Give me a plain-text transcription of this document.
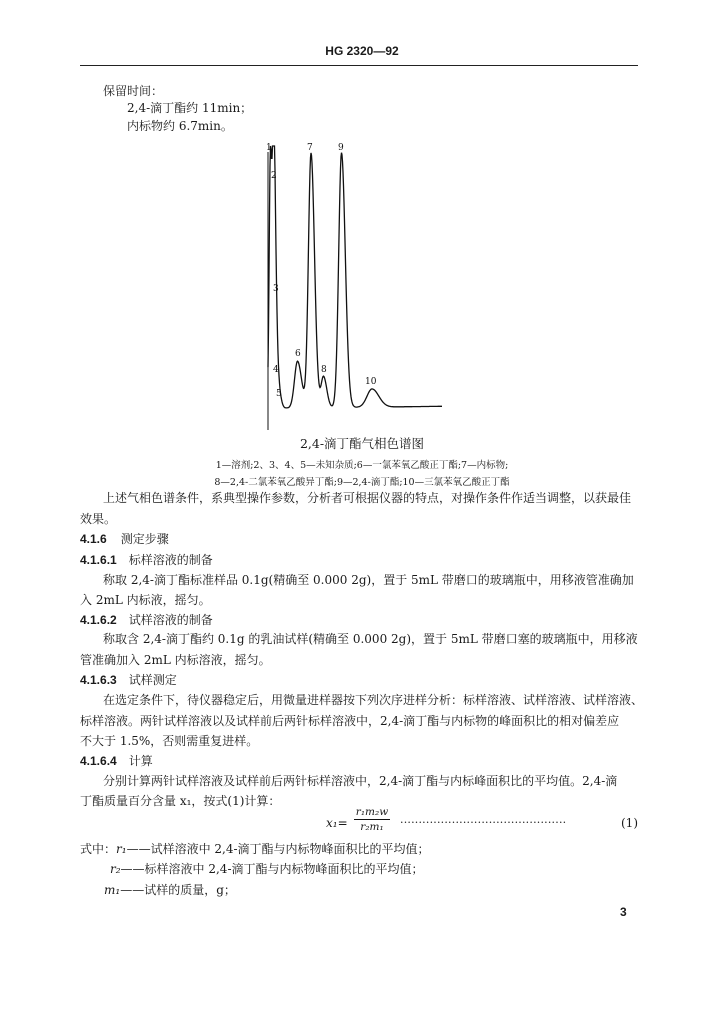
HG 2320—92
保留时间：
2,4-滴丁酯约 11min；
内标物约 6.7min。
1
2
3
4
5
6
7
8
9
10
2,4-滴丁酯气相色谱图
1—溶剂;2、3、4、5—未知杂质;6—一氯苯氧乙酸正丁酯;7—内标物;
8—2,4-二氯苯氧乙酸异丁酯;9—2,4-滴丁酯;10—三氯苯氧乙酸正丁酯
上述气相色谱条件，系典型操作参数，分析者可根据仪器的特点，对操作条件作适当调整，以获最佳
效果。
4.1.6 测定步骤
4.1.6.1 标样溶液的制备
称取 2,4-滴丁酯标准样品 0.1g(精确至 0.000 2g)，置于 5mL 带磨口的玻璃瓶中，用移液管准确加
入 2mL 内标液，摇匀。
4.1.6.2 试样溶液的制备
称取含 2,4-滴丁酯约 0.1g 的乳油试样(精确至 0.000 2g)，置于 5mL 带磨口塞的玻璃瓶中，用移液
管准确加入 2mL 内标溶液，摇匀。
4.1.6.3 试样测定
在选定条件下，待仪器稳定后，用微量进样器按下列次序进样分析：标样溶液、试样溶液、试样溶液、
标样溶液。两针试样溶液以及试样前后两针标样溶液中，2,4-滴丁酯与内标物的峰面积比的相对偏差应
不大于 1.5%，否则需重复进样。
4.1.6.4 计算
分别计算两针试样溶液及试样前后两针标样溶液中，2,4-滴丁酯与内标峰面积比的平均值。2,4-滴
丁酯质量百分含量 x₁，按式(1)计算：
x₁=
r₁m₂w
r₂m₁	·············································	(1)
式中：r₁——试样溶液中 2,4-滴丁酯与内标物峰面积比的平均值；
r₂——标样溶液中 2,4-滴丁酯与内标物峰面积比的平均值；
m₁——试样的质量，g；
3
